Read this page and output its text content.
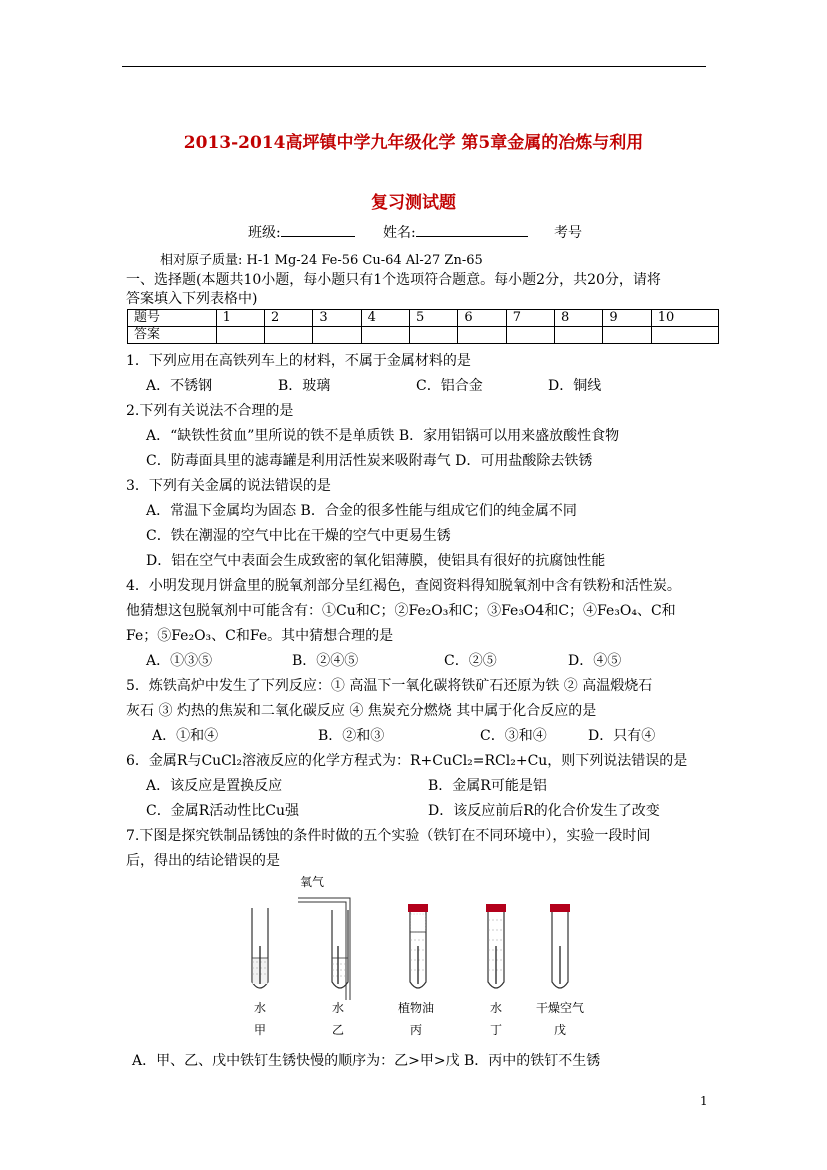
2013-2014高坪镇中学九年级化学 第5章金属的冶炼与利用
复习测试题
班级:	姓名:	考号
相对原子质量: H-1 Mg-24 Fe-56 Cu-64 Al-27 Zn-65
一、选择题(本题共10小题，每小题只有1个选项符合题意。每小题2分，共20分，请将
答案填入下列表格中)
题号	1	2	3	4	5	6	7	8	9	10
答案										
1．下列应用在高铁列车上的材料，不属于金属材料的是
A．不锈钢	B．玻璃	C．铝合金	D．铜线
2.下列有关说法不合理的是
A．“缺铁性贫血”里所说的铁不是单质铁 B．家用铝锅可以用来盛放酸性食物
C．防毒面具里的滤毒罐是利用活性炭来吸附毒气 D．可用盐酸除去铁锈
3．下列有关金属的说法错误的是
A．常温下金属均为固态 B．合金的很多性能与组成它们的纯金属不同
C．铁在潮湿的空气中比在干燥的空气中更易生锈
D．铝在空气中表面会生成致密的氧化铝薄膜，使铝具有很好的抗腐蚀性能
4．小明发现月饼盒里的脱氧剂部分呈红褐色，查阅资料得知脱氧剂中含有铁粉和活性炭。
他猜想这包脱氧剂中可能含有：①Cu和C；②Fe₂O₃和C；③Fe₃O4和C；④Fe₃O₄、C和
Fe；⑤Fe₂O₃、C和Fe。其中猜想合理的是
A．①③⑤	B．②④⑤	C．②⑤	D．④⑤
5．炼铁高炉中发生了下列反应：① 高温下一氧化碳将铁矿石还原为铁 ② 高温煅烧石
灰石 ③ 灼热的焦炭和二氧化碳反应 ④ 焦炭充分燃烧 其中属于化合反应的是
A．①和④	B．②和③	C．③和④	D．只有④
6．金属R与CuCl₂溶液反应的化学方程式为：R+CuCl₂=RCl₂+Cu，则下列说法错误的是
A．该反应是置换反应	B．金属R可能是铝
C．金属R活动性比Cu强	D．该反应前后R的化合价发生了改变
7.下图是探究铁制品锈蚀的条件时做的五个实验（铁钉在不同环境中），实验一段时间
后，得出的结论错误的是
氧气
水	水	植物油	水	干燥空气
甲	乙	丙	丁	戊
A．甲、乙、戊中铁钉生锈快慢的顺序为：乙>甲>戊 B．丙中的铁钉不生锈
1
